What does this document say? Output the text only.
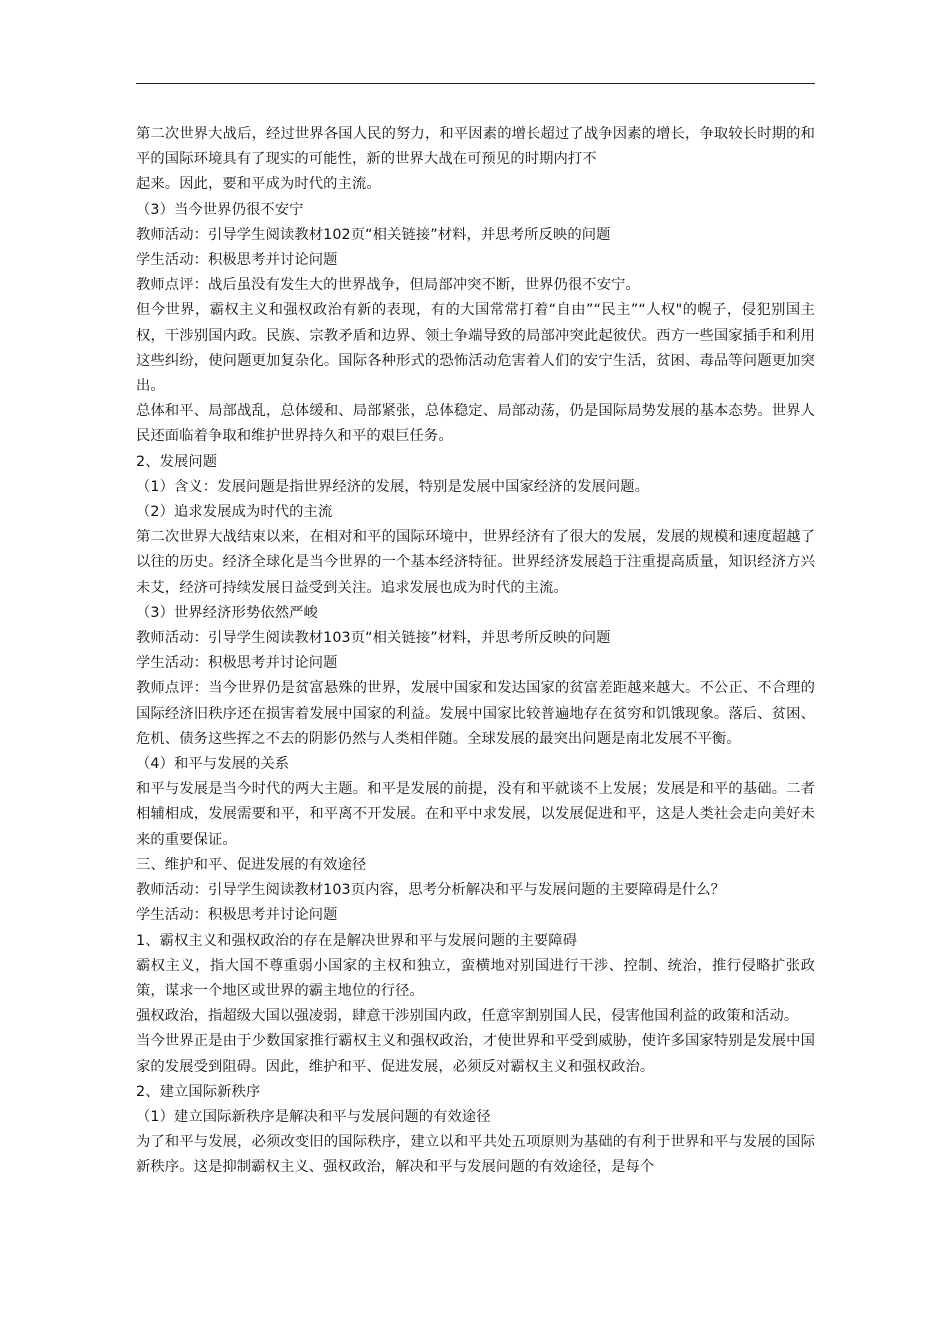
第二次世界大战后，经过世界各国人民的努力，和平因素的增长超过了战争因素的增长，争取较长时期的和平的国际环境具有了现实的可能性，新的世界大战在可预见的时期内打不

起来。因此，要和平成为时代的主流。

（3）当今世界仍很不安宁

教师活动：引导学生阅读教材102页“相关链接”材料，并思考所反映的问题

学生活动：积极思考并讨论问题

教师点评：战后虽没有发生大的世界战争，但局部冲突不断，世界仍很不安宁。

但今世界，霸权主义和强权政治有新的表现，有的大国常常打着“自由”“民主”“人权"的幌子，侵犯别国主权，干涉别国内政。民族、宗教矛盾和边界、领土争端导致的局部冲突此起彼伏。西方一些国家插手和利用这些纠纷，使问题更加复杂化。国际各种形式的恐怖活动危害着人们的安宁生活，贫困、毒品等问题更加突出。

总体和平、局部战乱，总体缓和、局部紧张，总体稳定、局部动荡，仍是国际局势发展的基本态势。世界人民还面临着争取和维护世界持久和平的艰巨任务。

2、发展问题

（1）含义：发展问题是指世界经济的发展，特别是发展中国家经济的发展问题。

（2）追求发展成为时代的主流

第二次世界大战结束以来，在相对和平的国际环境中，世界经济有了很大的发展，发展的规模和速度超越了以往的历史。经济全球化是当今世界的一个基本经济特征。世界经济发展趋于注重提高质量，知识经济方兴未艾，经济可持续发展日益受到关注。追求发展也成为时代的主流。

（3）世界经济形势依然严峻

教师活动：引导学生阅读教材103页“相关链接”材料，并思考所反映的问题

学生活动：积极思考并讨论问题

教师点评：当今世界仍是贫富悬殊的世界，发展中国家和发达国家的贫富差距越来越大。不公正、不合理的国际经济旧秩序还在损害着发展中国家的利益。发展中国家比较普遍地存在贫穷和饥饿现象。落后、贫困、危机、债务这些挥之不去的阴影仍然与人类相伴随。全球发展的最突出问题是南北发展不平衡。

（4）和平与发展的关系

和平与发展是当今时代的两大主题。和平是发展的前提，没有和平就谈不上发展；发展是和平的基础。二者相辅相成，发展需要和平，和平离不开发展。在和平中求发展，以发展促进和平，这是人类社会走向美好未来的重要保证。

三、维护和平、促进发展的有效途径

教师活动：引导学生阅读教材103页内容，思考分析解决和平与发展问题的主要障碍是什么？

学生活动：积极思考并讨论问题

1、霸权主义和强权政治的存在是解决世界和平与发展问题的主要障碍

霸权主义，指大国不尊重弱小国家的主权和独立，蛮横地对别国进行干涉、控制、统治，推行侵略扩张政策，谋求一个地区或世界的霸主地位的行径。

强权政治，指超级大国以强凌弱，肆意干涉别国内政，任意宰割别国人民，侵害他国利益的政策和活动。

当今世界正是由于少数国家推行霸权主义和强权政治，才使世界和平受到威胁，使许多国家特别是发展中国家的发展受到阻碍。因此，维护和平、促进发展，必须反对霸权主义和强权政治。

2、建立国际新秩序

（1）建立国际新秩序是解决和平与发展问题的有效途径

为了和平与发展，必须改变旧的国际秩序，建立以和平共处五项原则为基础的有利于世界和平与发展的国际新秩序。这是抑制霸权主义、强权政治，解决和平与发展问题的有效途径，是每个
